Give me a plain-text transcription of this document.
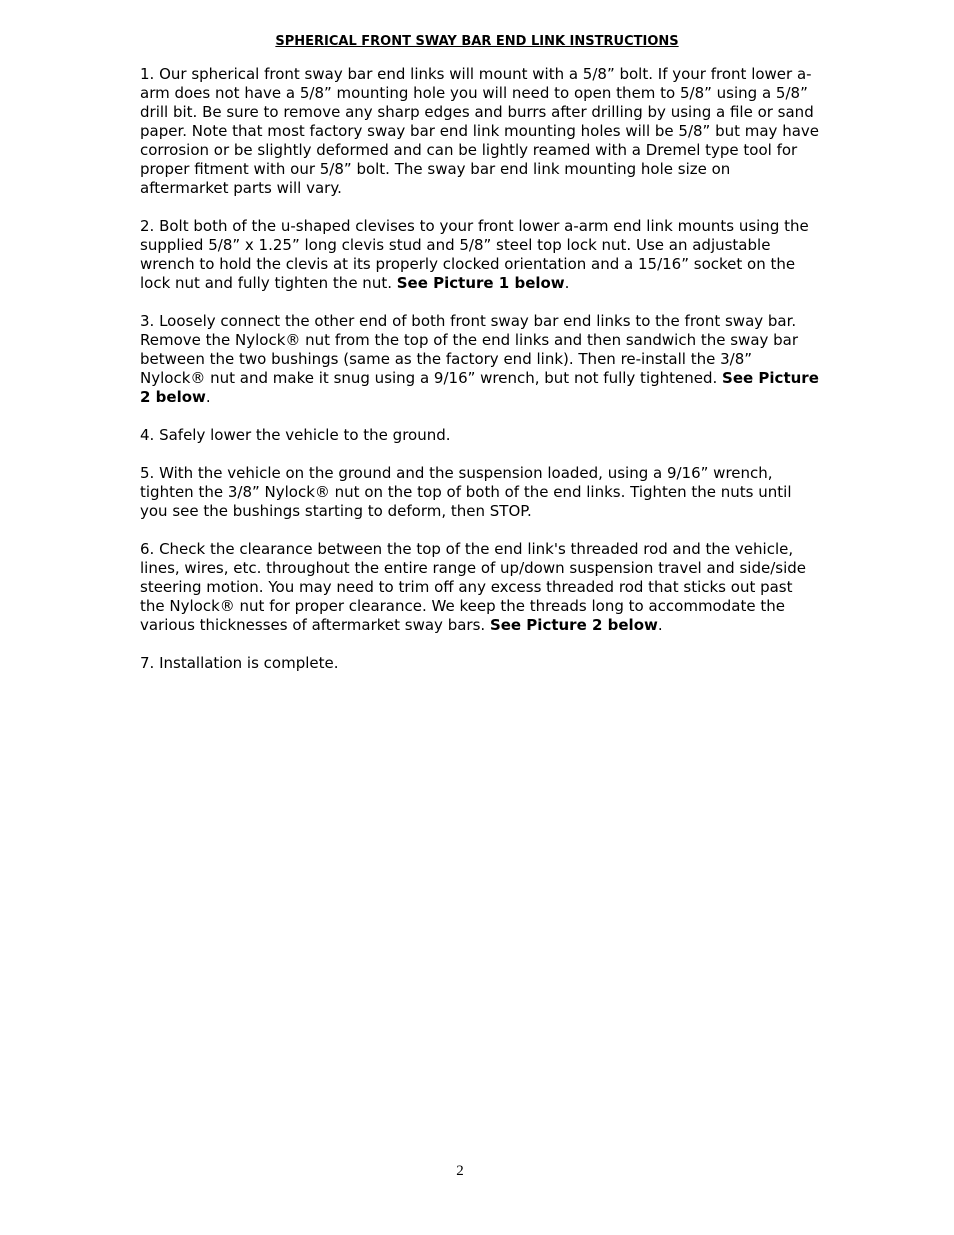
SPHERICAL FRONT SWAY BAR END LINK INSTRUCTIONS

1. Our spherical front sway bar end links will mount with a 5/8” bolt. If your front lower a-arm does not have a 5/8” mounting hole you will need to open them to 5/8” using a 5/8” drill bit. Be sure to remove any sharp edges and burrs after drilling by using a file or sand paper. Note that most factory sway bar end link mounting holes will be 5/8” but may have corrosion or be slightly deformed and can be lightly reamed with a Dremel type tool for proper fitment with our 5/8” bolt. The sway bar end link mounting hole size on aftermarket parts will vary.

2. Bolt both of the u-shaped clevises to your front lower a-arm end link mounts using the supplied 5/8” x 1.25” long clevis stud and 5/8” steel top lock nut. Use an adjustable wrench to hold the clevis at its properly clocked orientation and a 15/16” socket on the lock nut and fully tighten the nut. See Picture 1 below.

3. Loosely connect the other end of both front sway bar end links to the front sway bar. Remove the Nylock® nut from the top of the end links and then sandwich the sway bar between the two bushings (same as the factory end link). Then re-install the 3/8” Nylock® nut and make it snug using a 9/16” wrench, but not fully tightened. See Picture 2 below.

4. Safely lower the vehicle to the ground.

5. With the vehicle on the ground and the suspension loaded, using a 9/16” wrench, tighten the 3/8” Nylock® nut on the top of both of the end links. Tighten the nuts until you see the bushings starting to deform, then STOP.

6. Check the clearance between the top of the end link's threaded rod and the vehicle, lines, wires, etc. throughout the entire range of up/down suspension travel and side/side steering motion. You may need to trim off any excess threaded rod that sticks out past the Nylock® nut for proper clearance. We keep the threads long to accommodate the various thicknesses of aftermarket sway bars. See Picture 2 below.

7. Installation is complete.

2
